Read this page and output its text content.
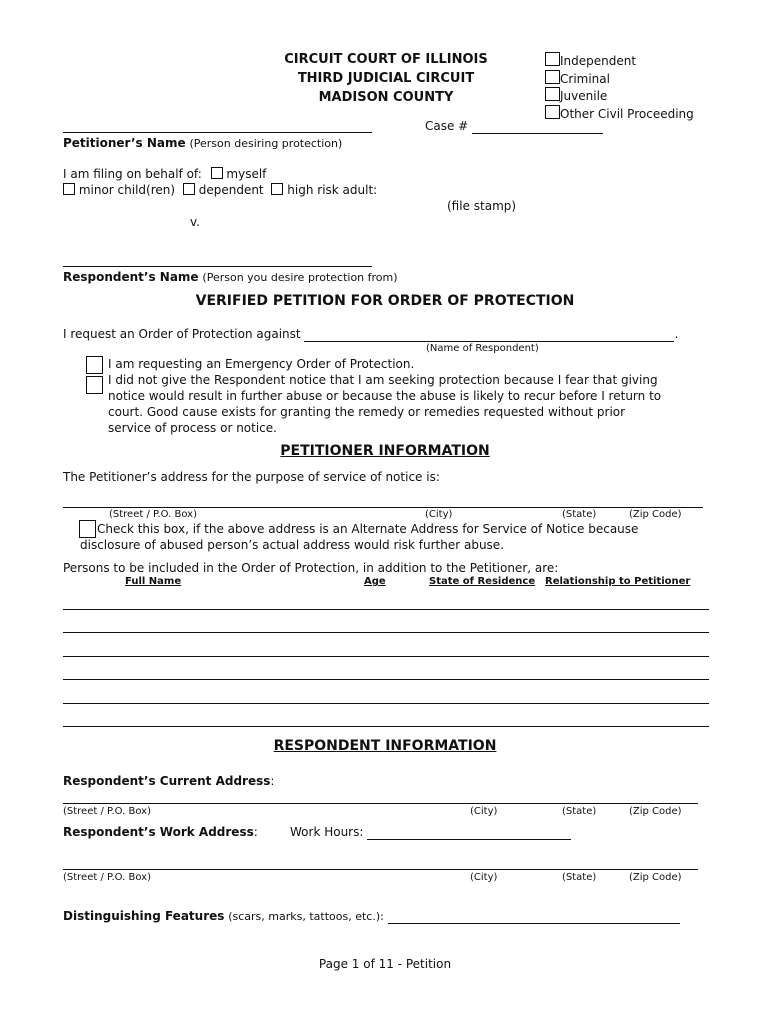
CIRCUIT COURT OF ILLINOIS
THIRD JUDICIAL CIRCUIT
MADISON COUNTY
Independent
Criminal
Juvenile
Other Civil Proceeding
Case #
Petitioner’s Name (Person desiring protection)
I am filing on behalf of: myself
minor child(ren) dependent high risk adult:
(file stamp)
v.
Respondent’s Name (Person you desire protection from)
VERIFIED PETITION FOR ORDER OF PROTECTION
I request an Order of Protection against	.
(Name of Respondent)
I am requesting an Emergency Order of Protection.
I did not give the Respondent notice that I am seeking protection because I fear that giving
notice would result in further abuse or because the abuse is likely to recur before I return to
court. Good cause exists for granting the remedy or remedies requested without prior
service of process or notice.
PETITIONER INFORMATION
The Petitioner’s address for the purpose of service of notice is:
(Street / P.O. Box)	(City)	(State)	(Zip Code)
Check this box, if the above address is an Alternate Address for Service of Notice because
disclosure of abused person’s actual address would risk further abuse.
Persons to be included in the Order of Protection, in addition to the Petitioner, are:
Full Name	Age	State of Residence Relationship to Petitioner
RESPONDENT INFORMATION
Respondent’s Current Address:
(Street / P.O. Box)	(City)	(State)	(Zip Code)
Respondent’s Work Address:	Work Hours:
(Street / P.O. Box)	(City)	(State)	(Zip Code)
Distinguishing Features (scars, marks, tattoos, etc.):
Page 1 of 11 - Petition
